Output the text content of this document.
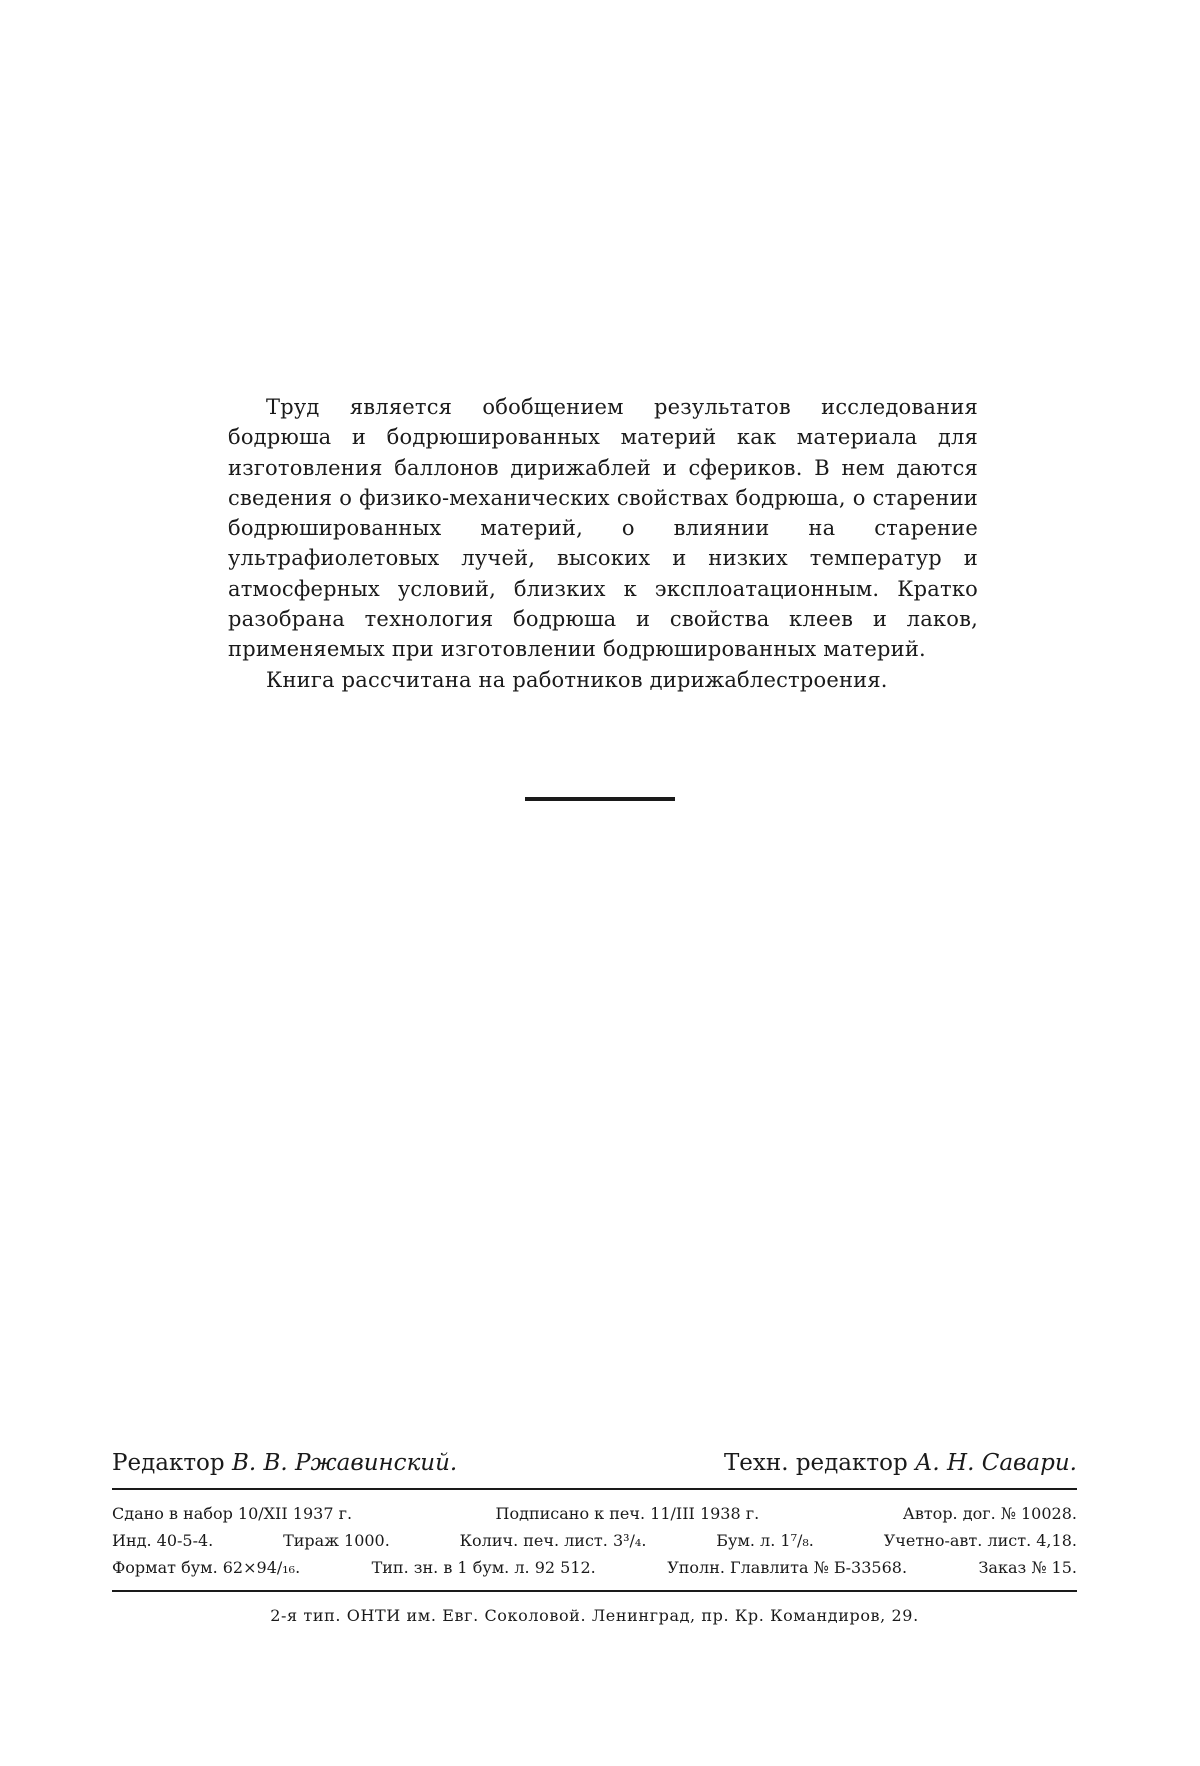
Труд является обобщением результатов исследования бодрюша и бодрюшированных материй как материала для изготовления баллонов дирижаблей и сфериков. В нем даются сведения о физико-механических свойствах бодрюша, о старении бодрюшированных материй, о влиянии на старение ультрафиолетовых лучей, высоких и низких температур и атмосферных условий, близких к эксплоатационным. Кратко разобрана технология бодрюша и свойства клеев и лаков, применяемых при изготовлении бодрюшированных материй.

Книга рассчитана на работников дирижаблестроения.

Редактор В. В. Ржавинский.	Техн. редактор А. Н. Савари.
Сдано в набор 10/XII 1937 г.	Подписано к печ. 11/III 1938 г.	Автор. дог. № 10028.
Инд. 40-5-4.	Тираж 1000.	Колич. печ. лист. 3³/₄.	Бум. л. 1⁷/₈.	Учетно-авт. лист. 4,18.
Формат бум. 62×94/₁₆.	Тип. зн. в 1 бум. л. 92 512.	Уполн. Главлита № Б-33568.	Заказ № 15.
2-я тип. ОНТИ им. Евг. Соколовой. Ленинград, пр. Кр. Командиров, 29.
